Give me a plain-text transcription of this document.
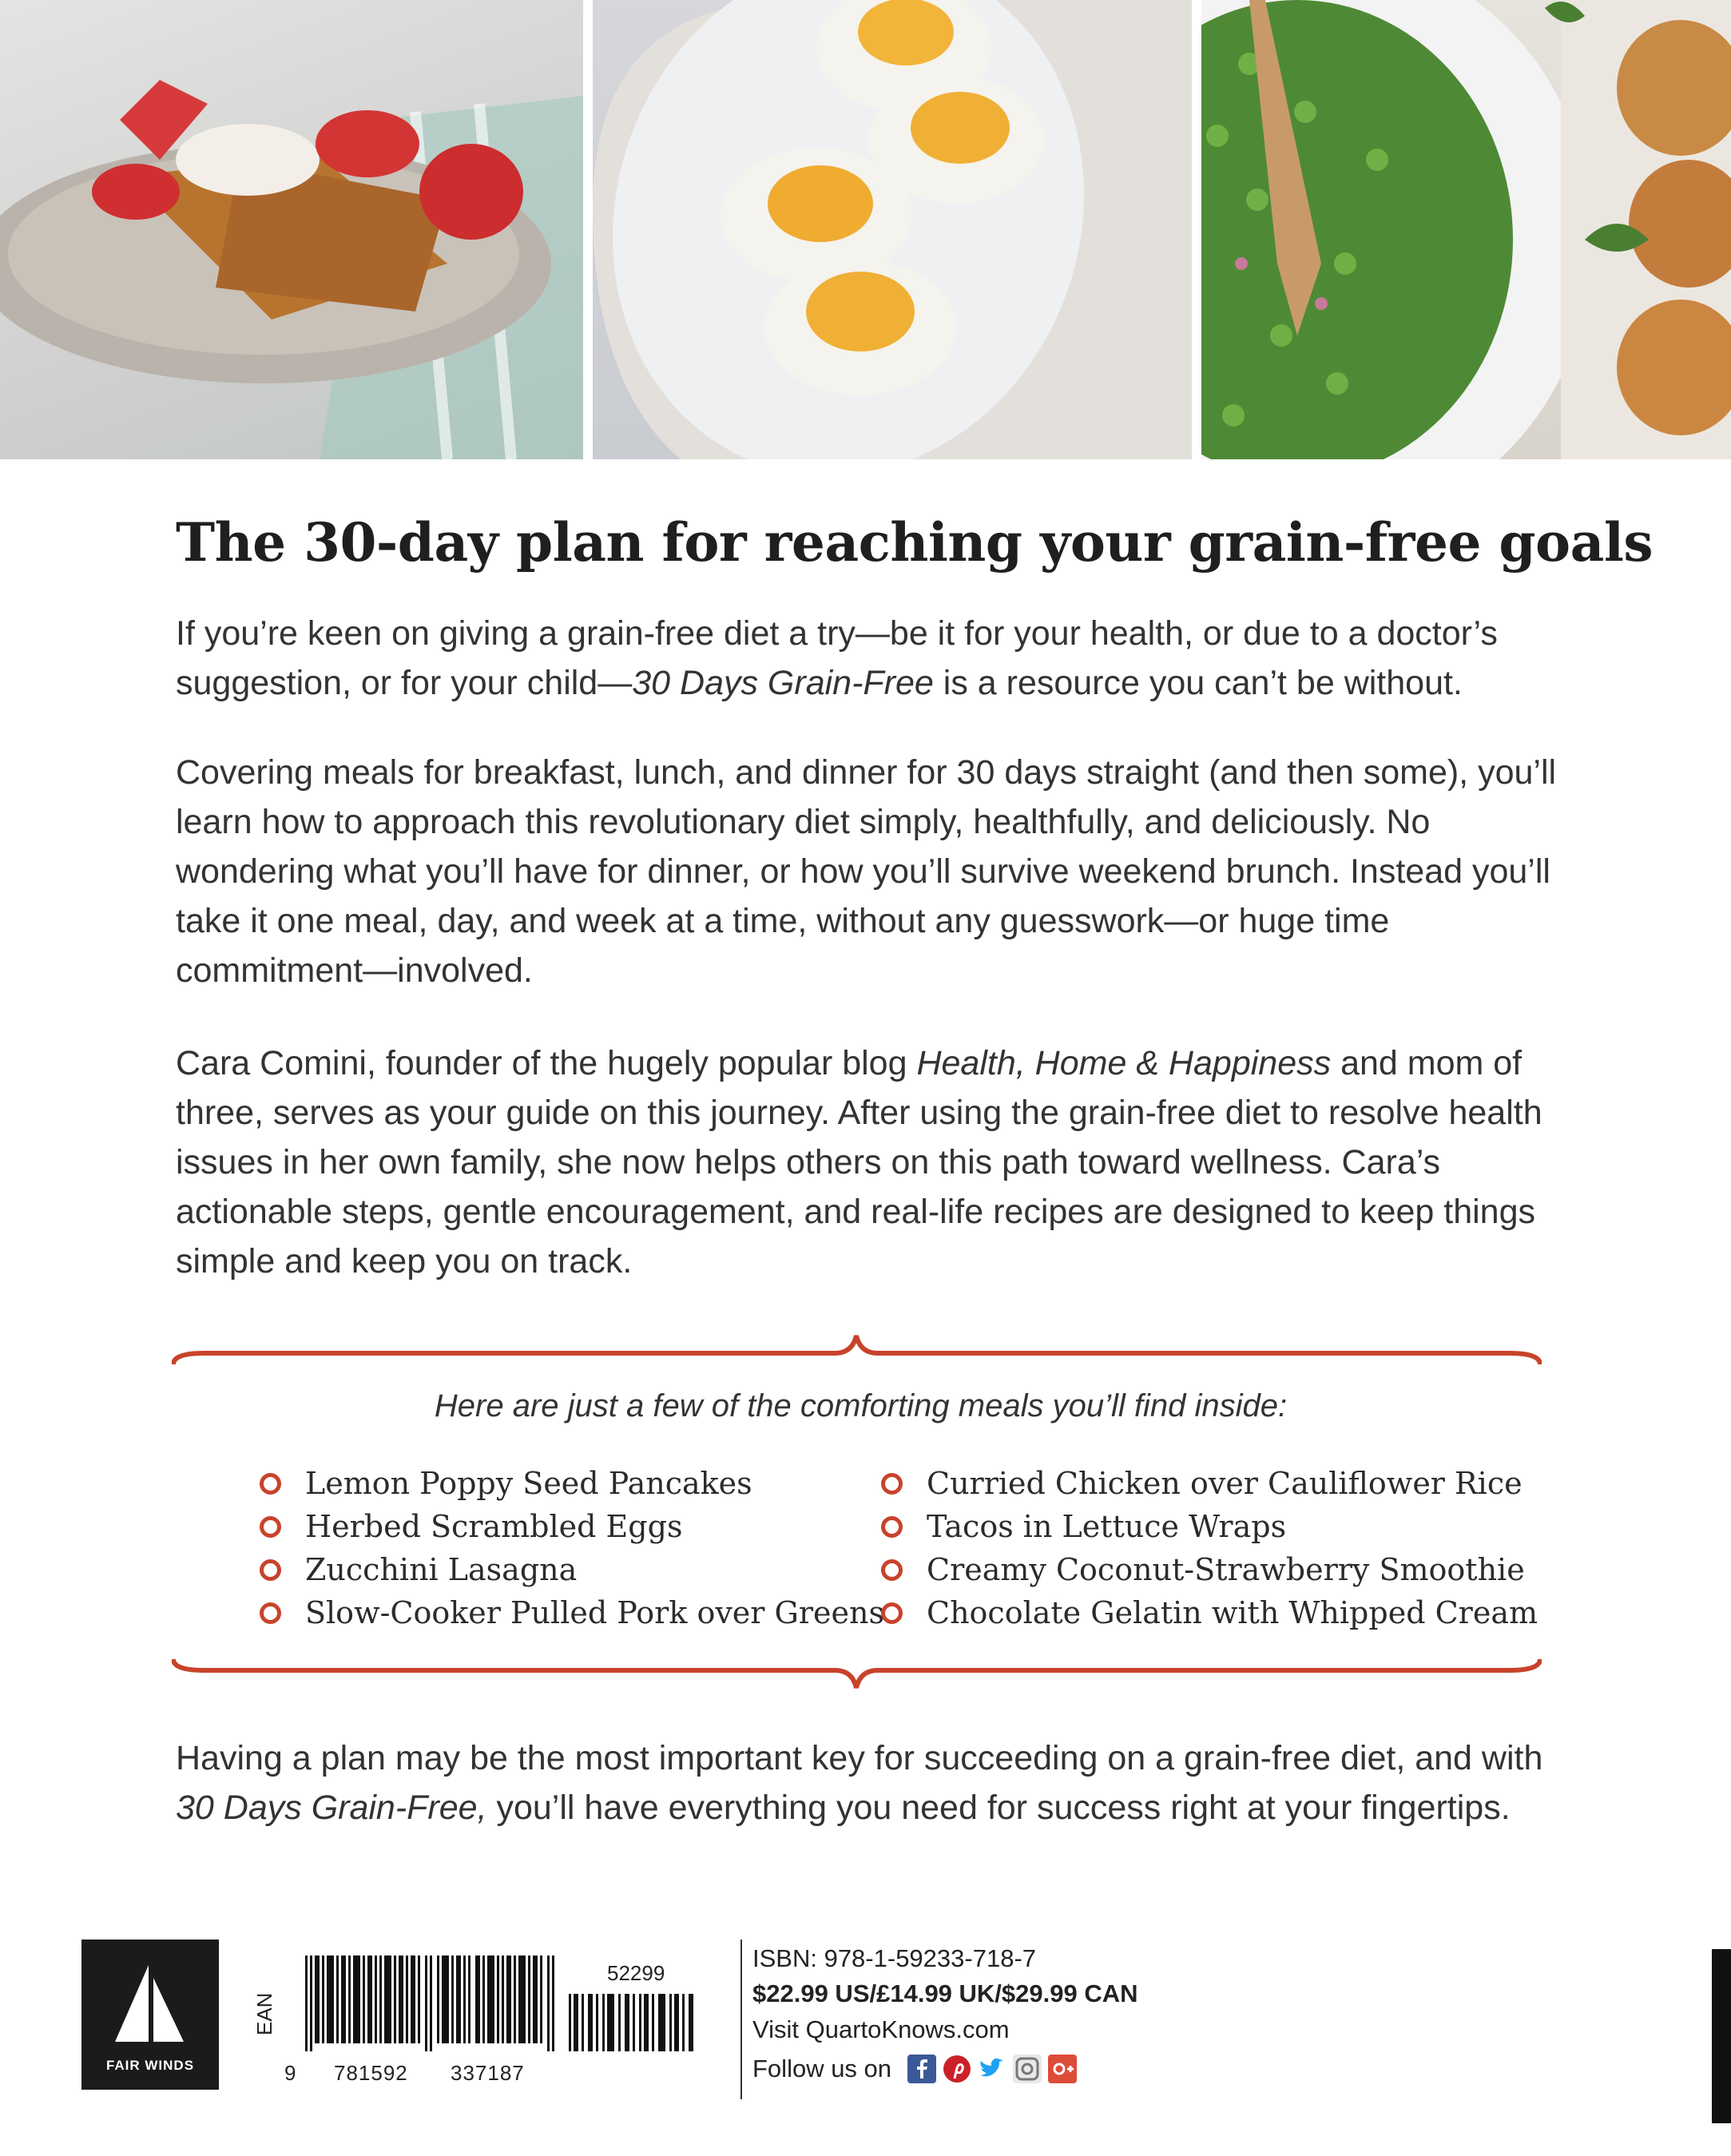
The 30-day plan for reaching your grain-free goals

If you’re keen on giving a grain-free diet a try—be it for your health, or due to a doctor’s suggestion, or for your child—30 Days Grain-Free is a resource you can’t be without.

Covering meals for breakfast, lunch, and dinner for 30 days straight (and then some), you’ll learn how to approach this revolutionary diet simply, healthfully, and deliciously. No wondering what you’ll have for dinner, or how you’ll survive weekend brunch. Instead you’ll take it one meal, day, and week at a time, without any guesswork—or huge time commitment—involved.

Cara Comini, founder of the hugely popular blog Health, Home & Happiness and mom of three, serves as your guide on this journey. After using the grain-free diet to resolve health issues in her own family, she now helps others on this path toward wellness. Cara’s actionable steps, gentle encouragement, and real-life recipes are designed to keep things simple and keep you on track.

Here are just a few of the comforting meals you’ll find inside:

Lemon Poppy Seed Pancakes
Herbed Scrambled Eggs
Zucchini Lasagna
Slow-Cooker Pulled Pork over Greens
Curried Chicken over Cauliflower Rice
Tacos in Lettuce Wraps
Creamy Coconut-Strawberry Smoothie
Chocolate Gelatin with Whipped Cream

Having a plan may be the most important key for succeeding on a grain-free diet, and with
30 Days Grain-Free, you’ll have everything you need for success right at your fingertips.

FAIR WINDS
EAN
52299
9 781592 337187
ISBN: 978-1-59233-718-7
$22.99 US/£14.99 UK/$29.99 CAN
Visit QuartoKnows.com
Follow us on
